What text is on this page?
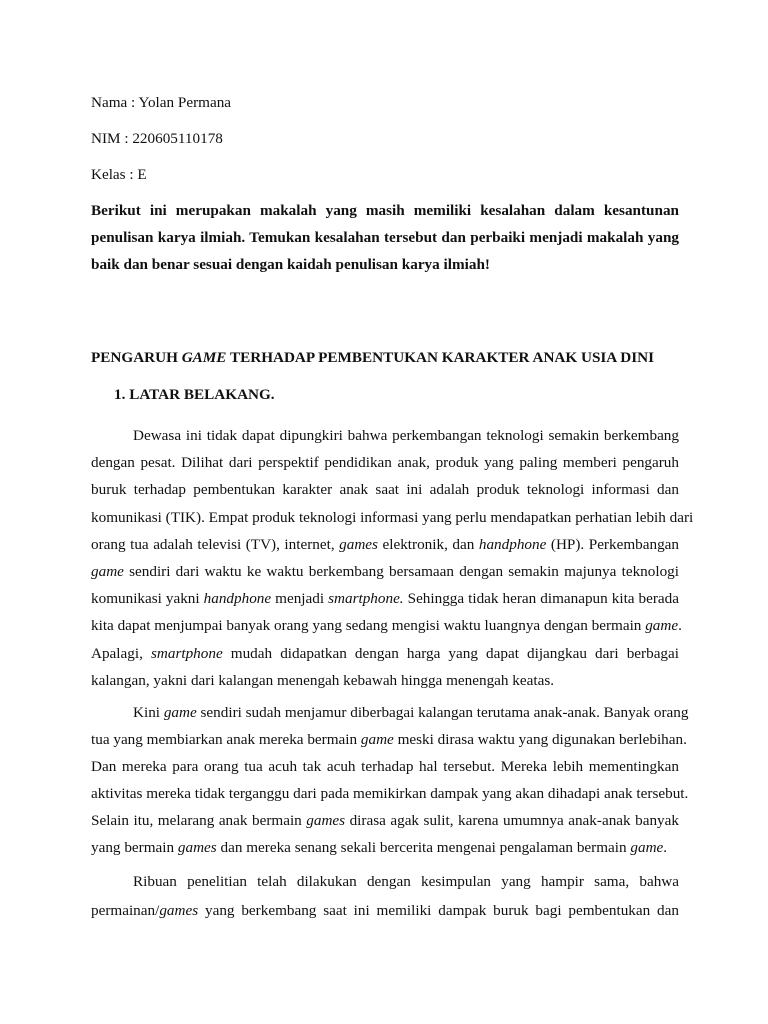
Nama : Yolan Permana

NIM : 220605110178

Kelas : E

Berikut ini merupakan makalah yang masih memiliki kesalahan dalam kesantunan

penulisan karya ilmiah. Temukan kesalahan tersebut dan perbaiki menjadi makalah yang

baik dan benar sesuai dengan kaidah penulisan karya ilmiah!

PENGARUH GAME TERHADAP PEMBENTUKAN KARAKTER ANAK USIA DINI

1. LATAR BELAKANG.

Dewasa ini tidak dapat dipungkiri bahwa perkembangan teknologi semakin berkembang

dengan pesat. Dilihat dari perspektif pendidikan anak, produk yang paling memberi pengaruh

buruk terhadap pembentukan karakter anak saat ini adalah produk teknologi informasi dan

komunikasi (TIK). Empat produk teknologi informasi yang perlu mendapatkan perhatian lebih dari

orang tua adalah televisi (TV), internet, games elektronik, dan handphone (HP). Perkembangan

game sendiri dari waktu ke waktu berkembang bersamaan dengan semakin majunya teknologi

komunikasi yakni handphone menjadi smartphone. Sehingga tidak heran dimanapun kita berada

kita dapat menjumpai banyak orang yang sedang mengisi waktu luangnya dengan bermain game.

Apalagi, smartphone mudah didapatkan dengan harga yang dapat dijangkau dari berbagai

kalangan, yakni dari kalangan menengah kebawah hingga menengah keatas.

Kini game sendiri sudah menjamur diberbagai kalangan terutama anak-anak. Banyak orang

tua yang membiarkan anak mereka bermain game meski dirasa waktu yang digunakan berlebihan.

Dan mereka para orang tua acuh tak acuh terhadap hal tersebut. Mereka lebih mementingkan

aktivitas mereka tidak terganggu dari pada memikirkan dampak yang akan dihadapi anak tersebut.

Selain itu, melarang anak bermain games dirasa agak sulit, karena umumnya anak-anak banyak

yang bermain games dan mereka senang sekali bercerita mengenai pengalaman bermain game.

Ribuan penelitian telah dilakukan dengan kesimpulan yang hampir sama, bahwa

permainan/games yang berkembang saat ini memiliki dampak buruk bagi pembentukan dan
